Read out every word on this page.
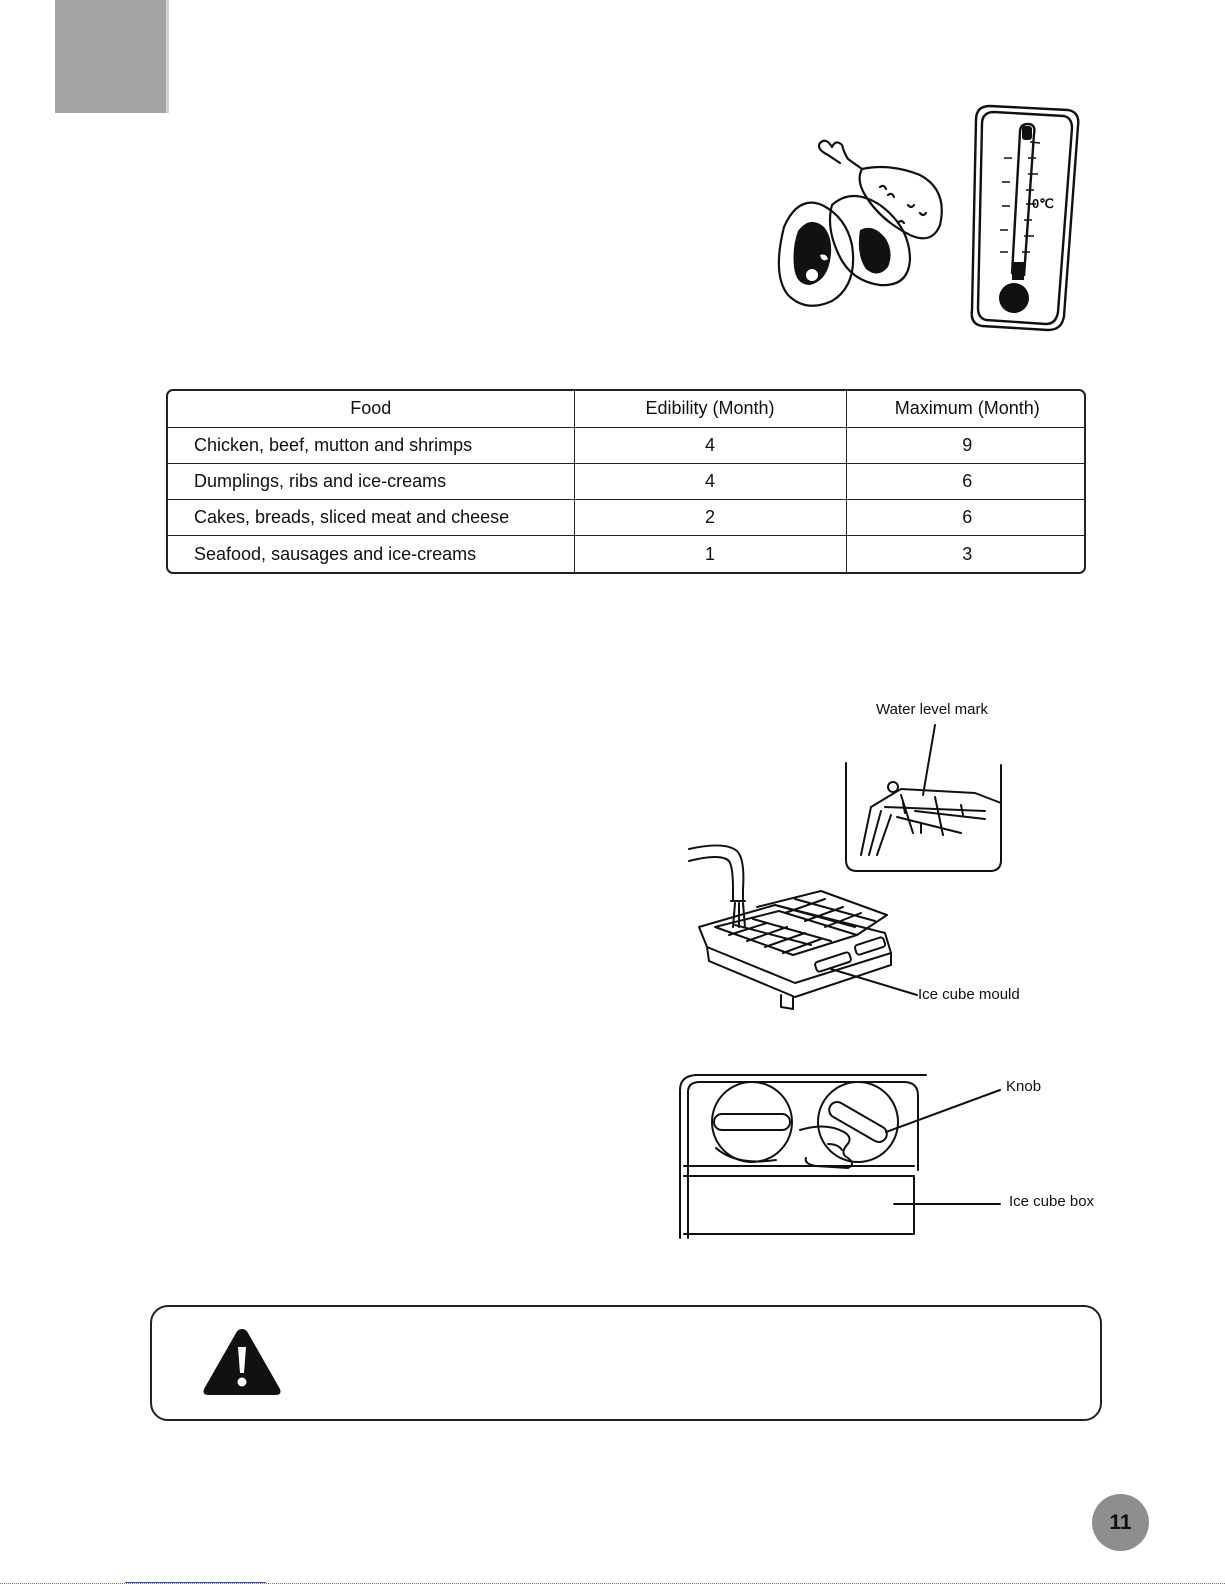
0℃
Food	Edibility (Month)	Maximum (Month)
Chicken, beef, mutton and shrimps	4	9
Dumplings, ribs and ice-creams	4	6
Cakes, breads, sliced meat and cheese	2	6
Seafood, sausages and ice-creams	1	3
Water level mark
Ice cube mould
Knob
Ice cube box
11
